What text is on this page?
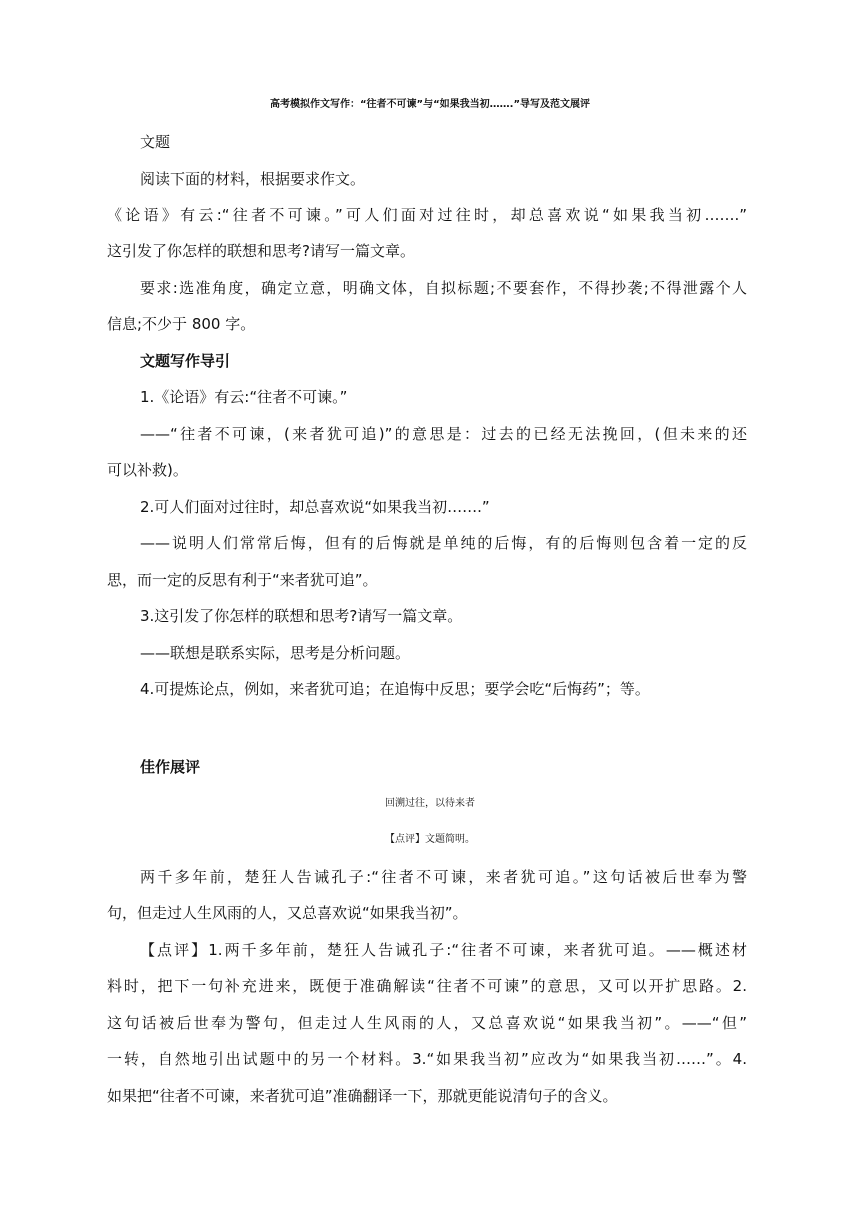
高考模拟作文写作：“往者不可谏”与“如果我当初…….”导写及范文展评
文题
阅读下面的材料，根据要求作文。
《论语》有云:“往者不可谏。”可人们面对过往时，却总喜欢说“如果我当初…….”
这引发了你怎样的联想和思考?请写一篇文章。
要求:选准角度，确定立意，明确文体，自拟标题;不要套作，不得抄袭;不得泄露个人
信息;不少于 800 字。
文题写作导引
1.《论语》有云:“往者不可谏。”
——“往者不可谏，(来者犹可追)”的意思是：过去的已经无法挽回，(但未来的还
可以补救)。
2.可人们面对过往时，却总喜欢说“如果我当初…….”
——说明人们常常后悔，但有的后悔就是单纯的后悔，有的后悔则包含着一定的反
思，而一定的反思有利于“来者犹可追”。
3.这引发了你怎样的联想和思考?请写一篇文章。
——联想是联系实际，思考是分析问题。
4.可提炼论点，例如，来者犹可追；在追悔中反思；要学会吃“后悔药”；等。
佳作展评
回溯过往，以待来者
【点评】文题简明。
两千多年前，楚狂人告诫孔子:“往者不可谏，来者犹可追。”这句话被后世奉为警
句，但走过人生风雨的人，又总喜欢说“如果我当初”。
【点评】1.两千多年前，楚狂人告诫孔子:“往者不可谏，来者犹可追。——概述材
料时，把下一句补充进来，既便于准确解读“往者不可谏”的意思，又可以开扩思路。2.
这句话被后世奉为警句，但走过人生风雨的人，又总喜欢说“如果我当初”。——“但”
一转，自然地引出试题中的另一个材料。3.“如果我当初”应改为“如果我当初……”。4.
如果把“往者不可谏，来者犹可追”准确翻译一下，那就更能说清句子的含义。
